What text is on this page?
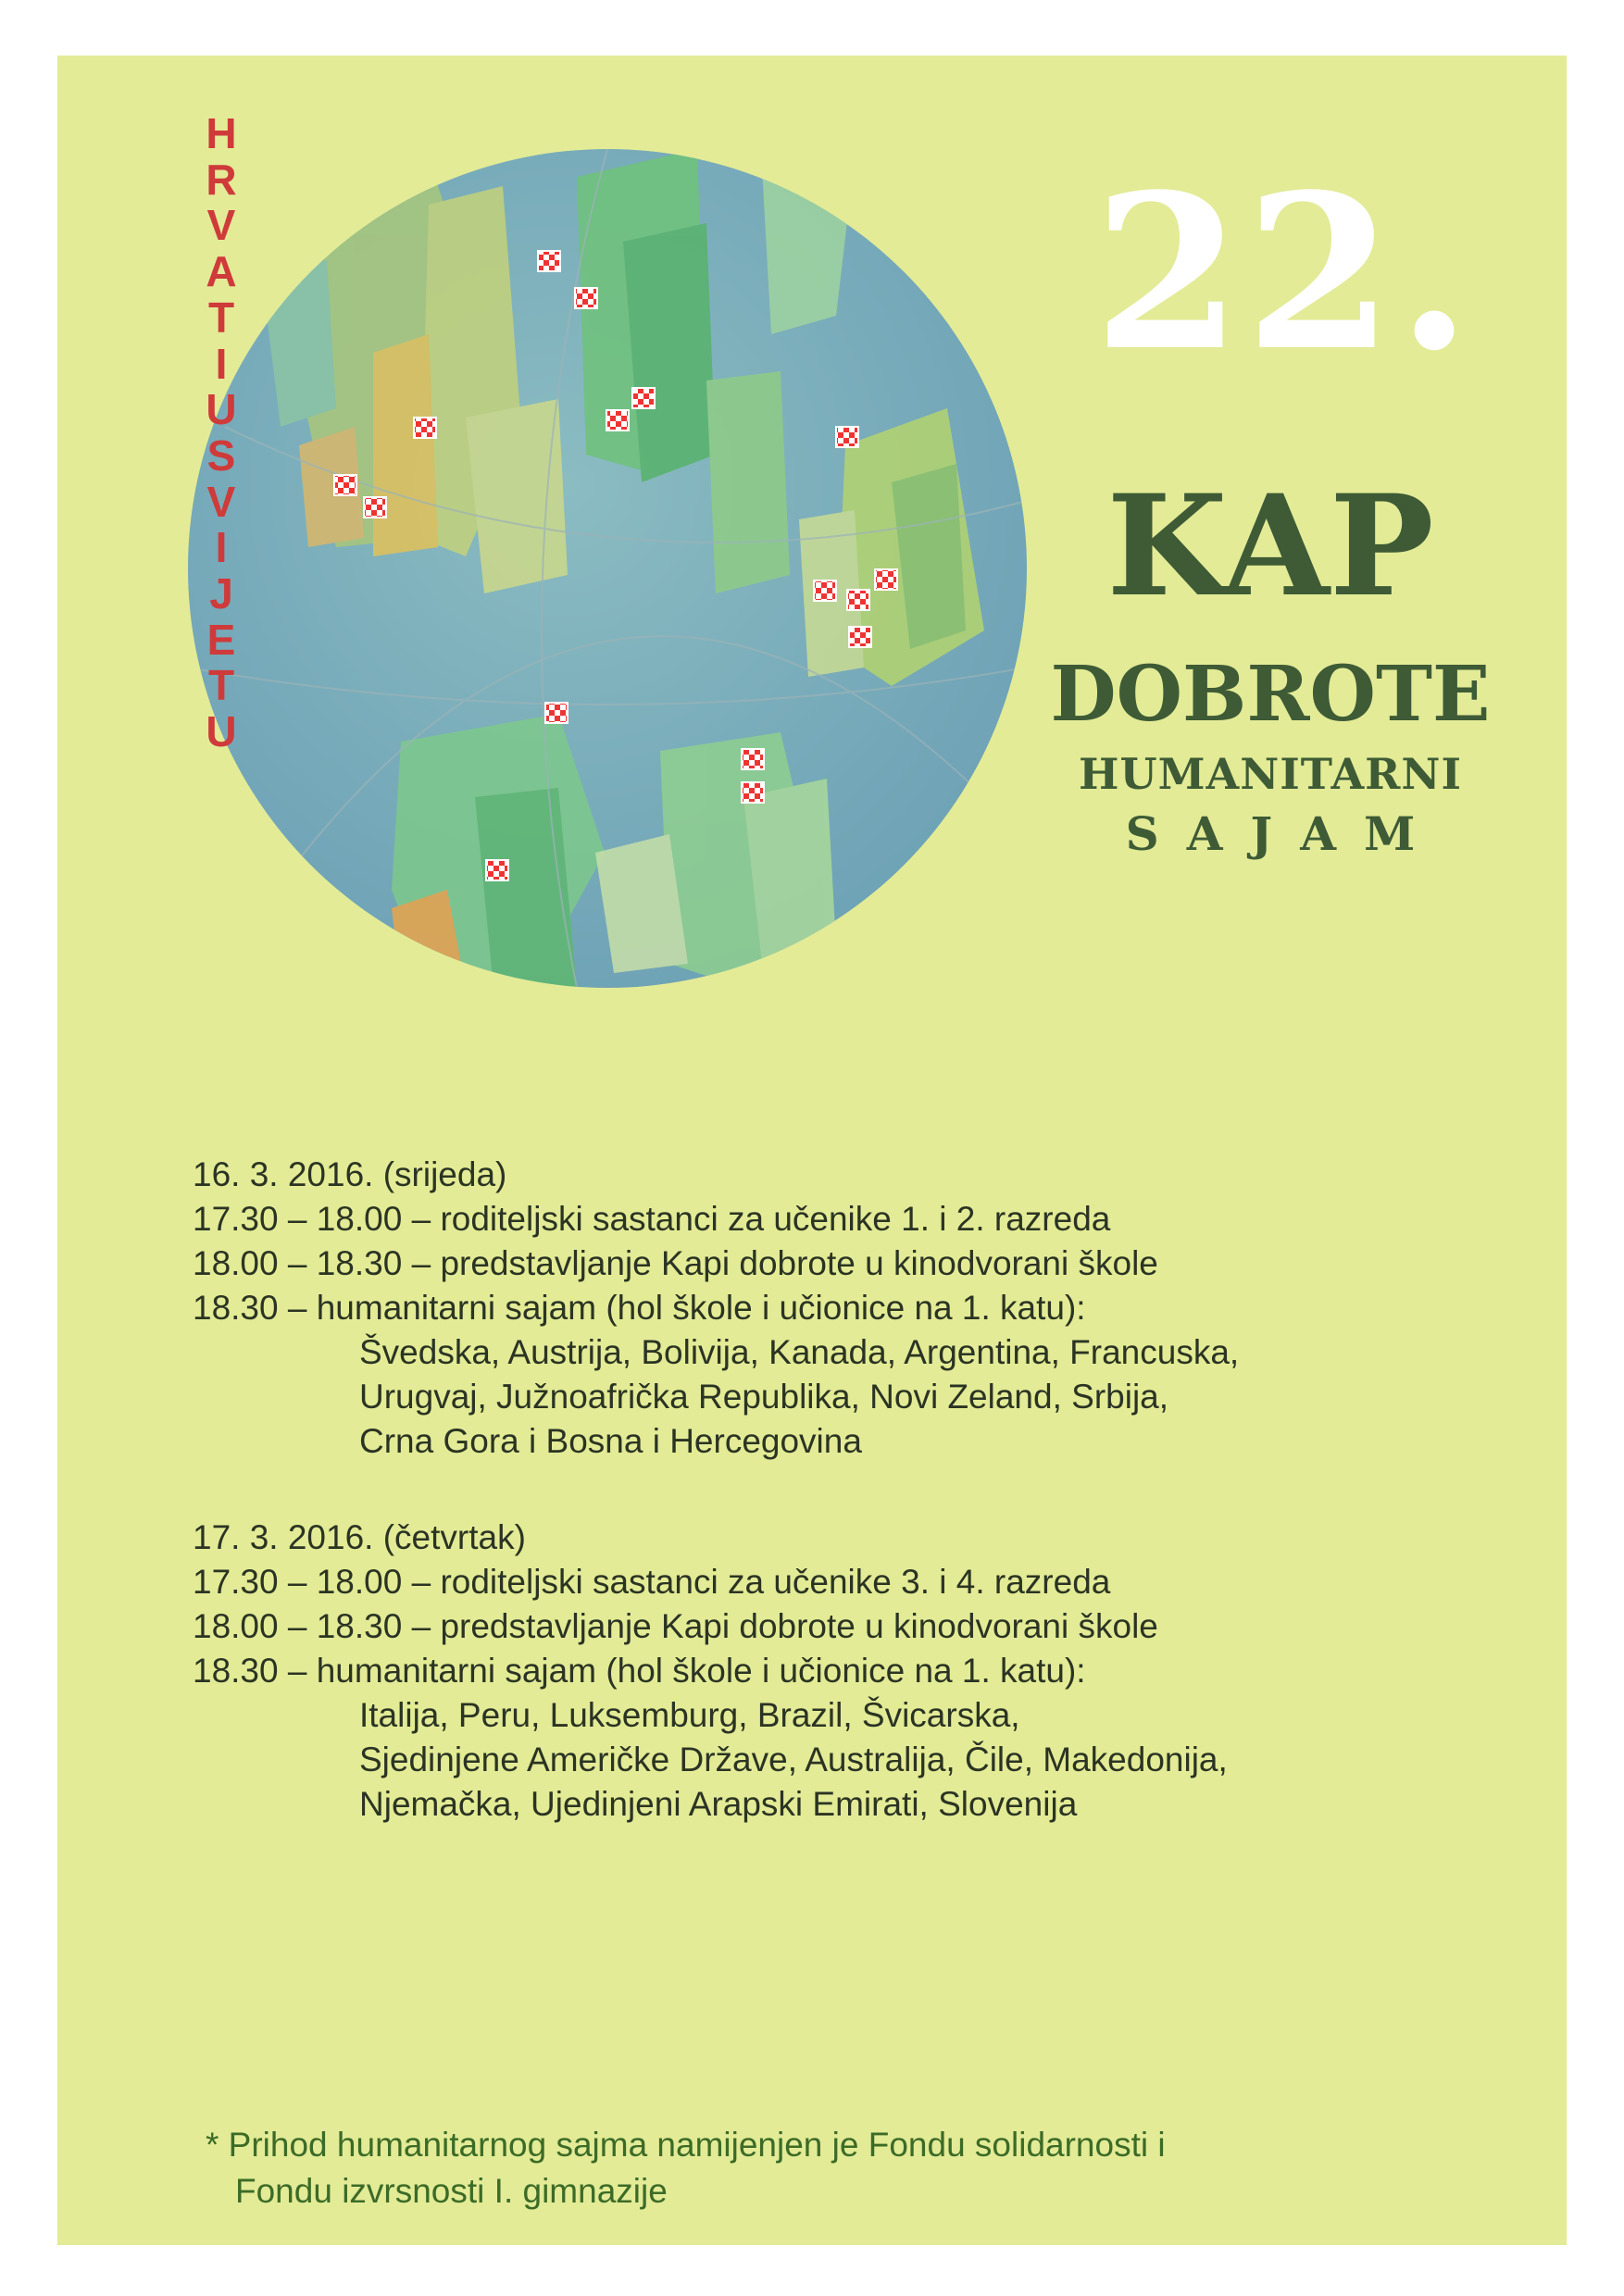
H
R
V
A
T
I
U
S
V
I
J
E
T
U
22.
KAP
DOBROTE
HUMANITARNI
SAJAM
16. 3. 2016. (srijeda)
17.30 – 18.00 – roditeljski sastanci za učenike 1. i 2. razreda
18.00 – 18.30 – predstavljanje Kapi dobrote u kinodvorani škole
18.30 – humanitarni sajam (hol škole i učionice na 1. katu):
Švedska, Austrija, Bolivija, Kanada, Argentina, Francuska,
Urugvaj, Južnoafrička Republika, Novi Zeland, Srbija,
Crna Gora i Bosna i Hercegovina
17. 3. 2016. (četvrtak)
17.30 – 18.00 – roditeljski sastanci za učenike 3. i 4. razreda
18.00 – 18.30 – predstavljanje Kapi dobrote u kinodvorani škole
18.30 – humanitarni sajam (hol škole i učionice na 1. katu):
Italija, Peru, Luksemburg, Brazil, Švicarska,
Sjedinjene Američke Države, Australija, Čile, Makedonija,
Njemačka, Ujedinjeni Arapski Emirati, Slovenija
* Prihod humanitarnog sajma namijenjen je Fondu solidarnosti i
Fondu izvrsnosti I. gimnazije
